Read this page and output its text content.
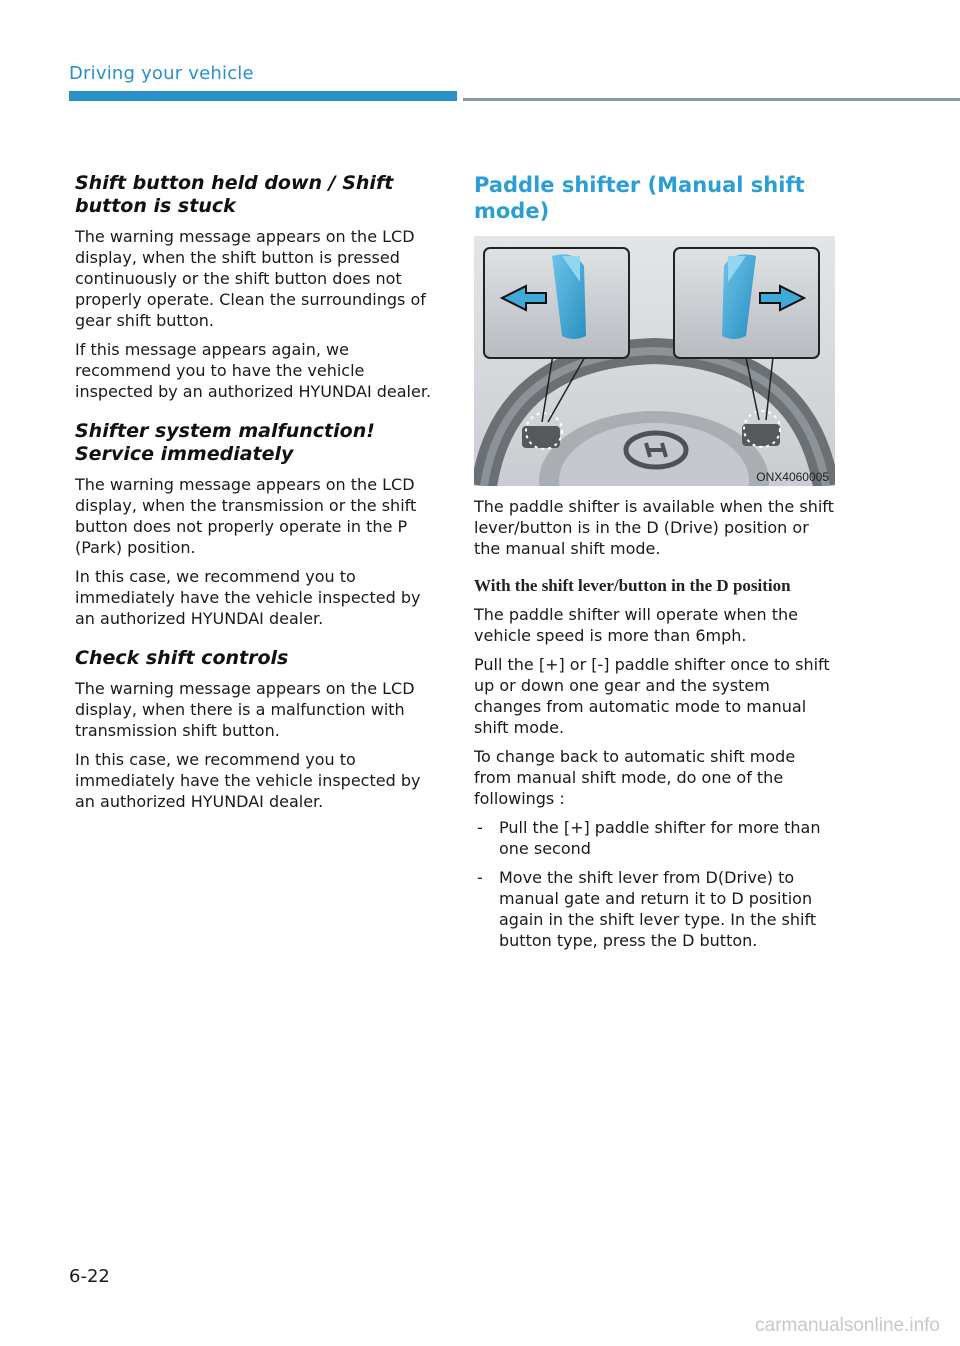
Driving your vehicle
Shift button held down / Shift button is stuck

The warning message appears on the LCD display, when the shift button is pressed continuously or the shift button does not properly operate. Clean the surroundings of gear shift button.

If this message appears again, we recommend you to have the vehicle inspected by an authorized HYUNDAI dealer.

Shifter system malfunction! Service immediately

The warning message appears on the LCD display, when the transmission or the shift button does not properly operate in the P (Park) position.

In this case, we recommend you to immediately have the vehicle inspected by an authorized HYUNDAI dealer.

Check shift controls

The warning message appears on the LCD display, when there is a malfunction with transmission shift button.

In this case, we recommend you to immediately have the vehicle inspected by an authorized HYUNDAI dealer.

Paddle shifter (Manual shift mode)
ONX4060005

The paddle shifter is available when the shift lever/button is in the D (Drive) position or the manual shift mode.

With the shift lever/button in the D position

The paddle shifter will operate when the vehicle speed is more than 6mph.

Pull the [+] or [-] paddle shifter once to shift up or down one gear and the system changes from automatic mode to manual shift mode.

To change back to automatic shift mode from manual shift mode, do one of the followings :

- Pull the [+] paddle shifter for more than one second
- Move the shift lever from D(Drive) to manual gate and return it to D position again in the shift lever type. In the shift button type, press the D button.
6-22
carmanualsonline.info
